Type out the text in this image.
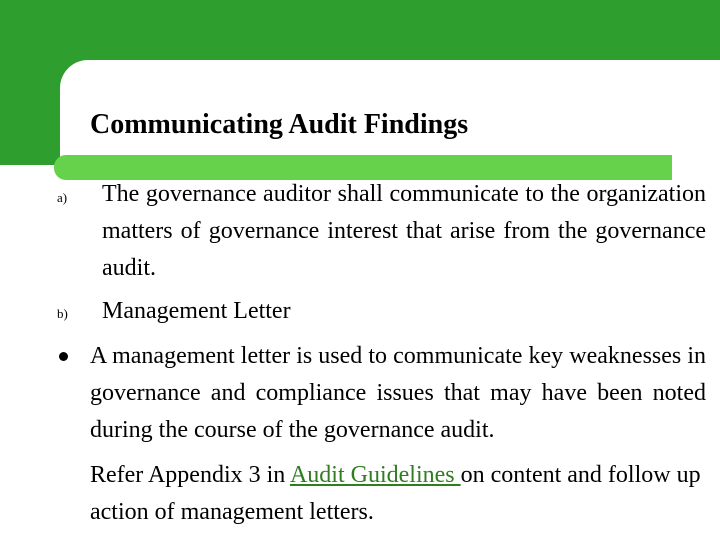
Communicating Audit Findings
a) The governance auditor shall communicate to the organization matters of governance interest that arise from the governance audit.
b) Management Letter
A management letter is used to communicate key weaknesses in governance and compliance issues that may have been noted during the course of the governance audit.
Refer Appendix 3 in Audit Guidelines on content and follow up action of management letters.
